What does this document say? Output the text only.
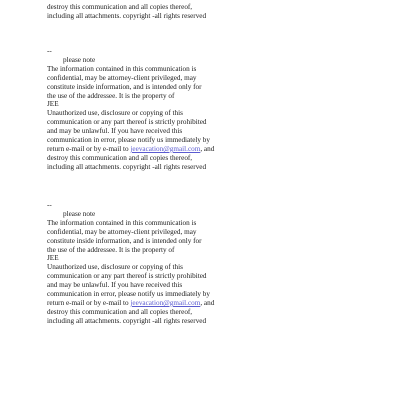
destroy this communication and all copies thereof,
including all attachments. copyright -all rights reserved
--
please note
The information contained in this communication is
confidential, may be attorney-client privileged, may
constitute inside information, and is intended only for
the use of the addressee. It is the property of
JEE
Unauthorized use, disclosure or copying of this
communication or any part thereof is strictly prohibited
and may be unlawful. If you have received this
communication in error, please notify us immediately by
return e-mail or by e-mail to jeevacation@gmail.com, and
destroy this communication and all copies thereof,
including all attachments. copyright -all rights reserved
--
please note
The information contained in this communication is
confidential, may be attorney-client privileged, may
constitute inside information, and is intended only for
the use of the addressee. It is the property of
JEE
Unauthorized use, disclosure or copying of this
communication or any part thereof is strictly prohibited
and may be unlawful. If you have received this
communication in error, please notify us immediately by
return e-mail or by e-mail to jeevacation@gmail.com, and
destroy this communication and all copies thereof,
including all attachments. copyright -all rights reserved
